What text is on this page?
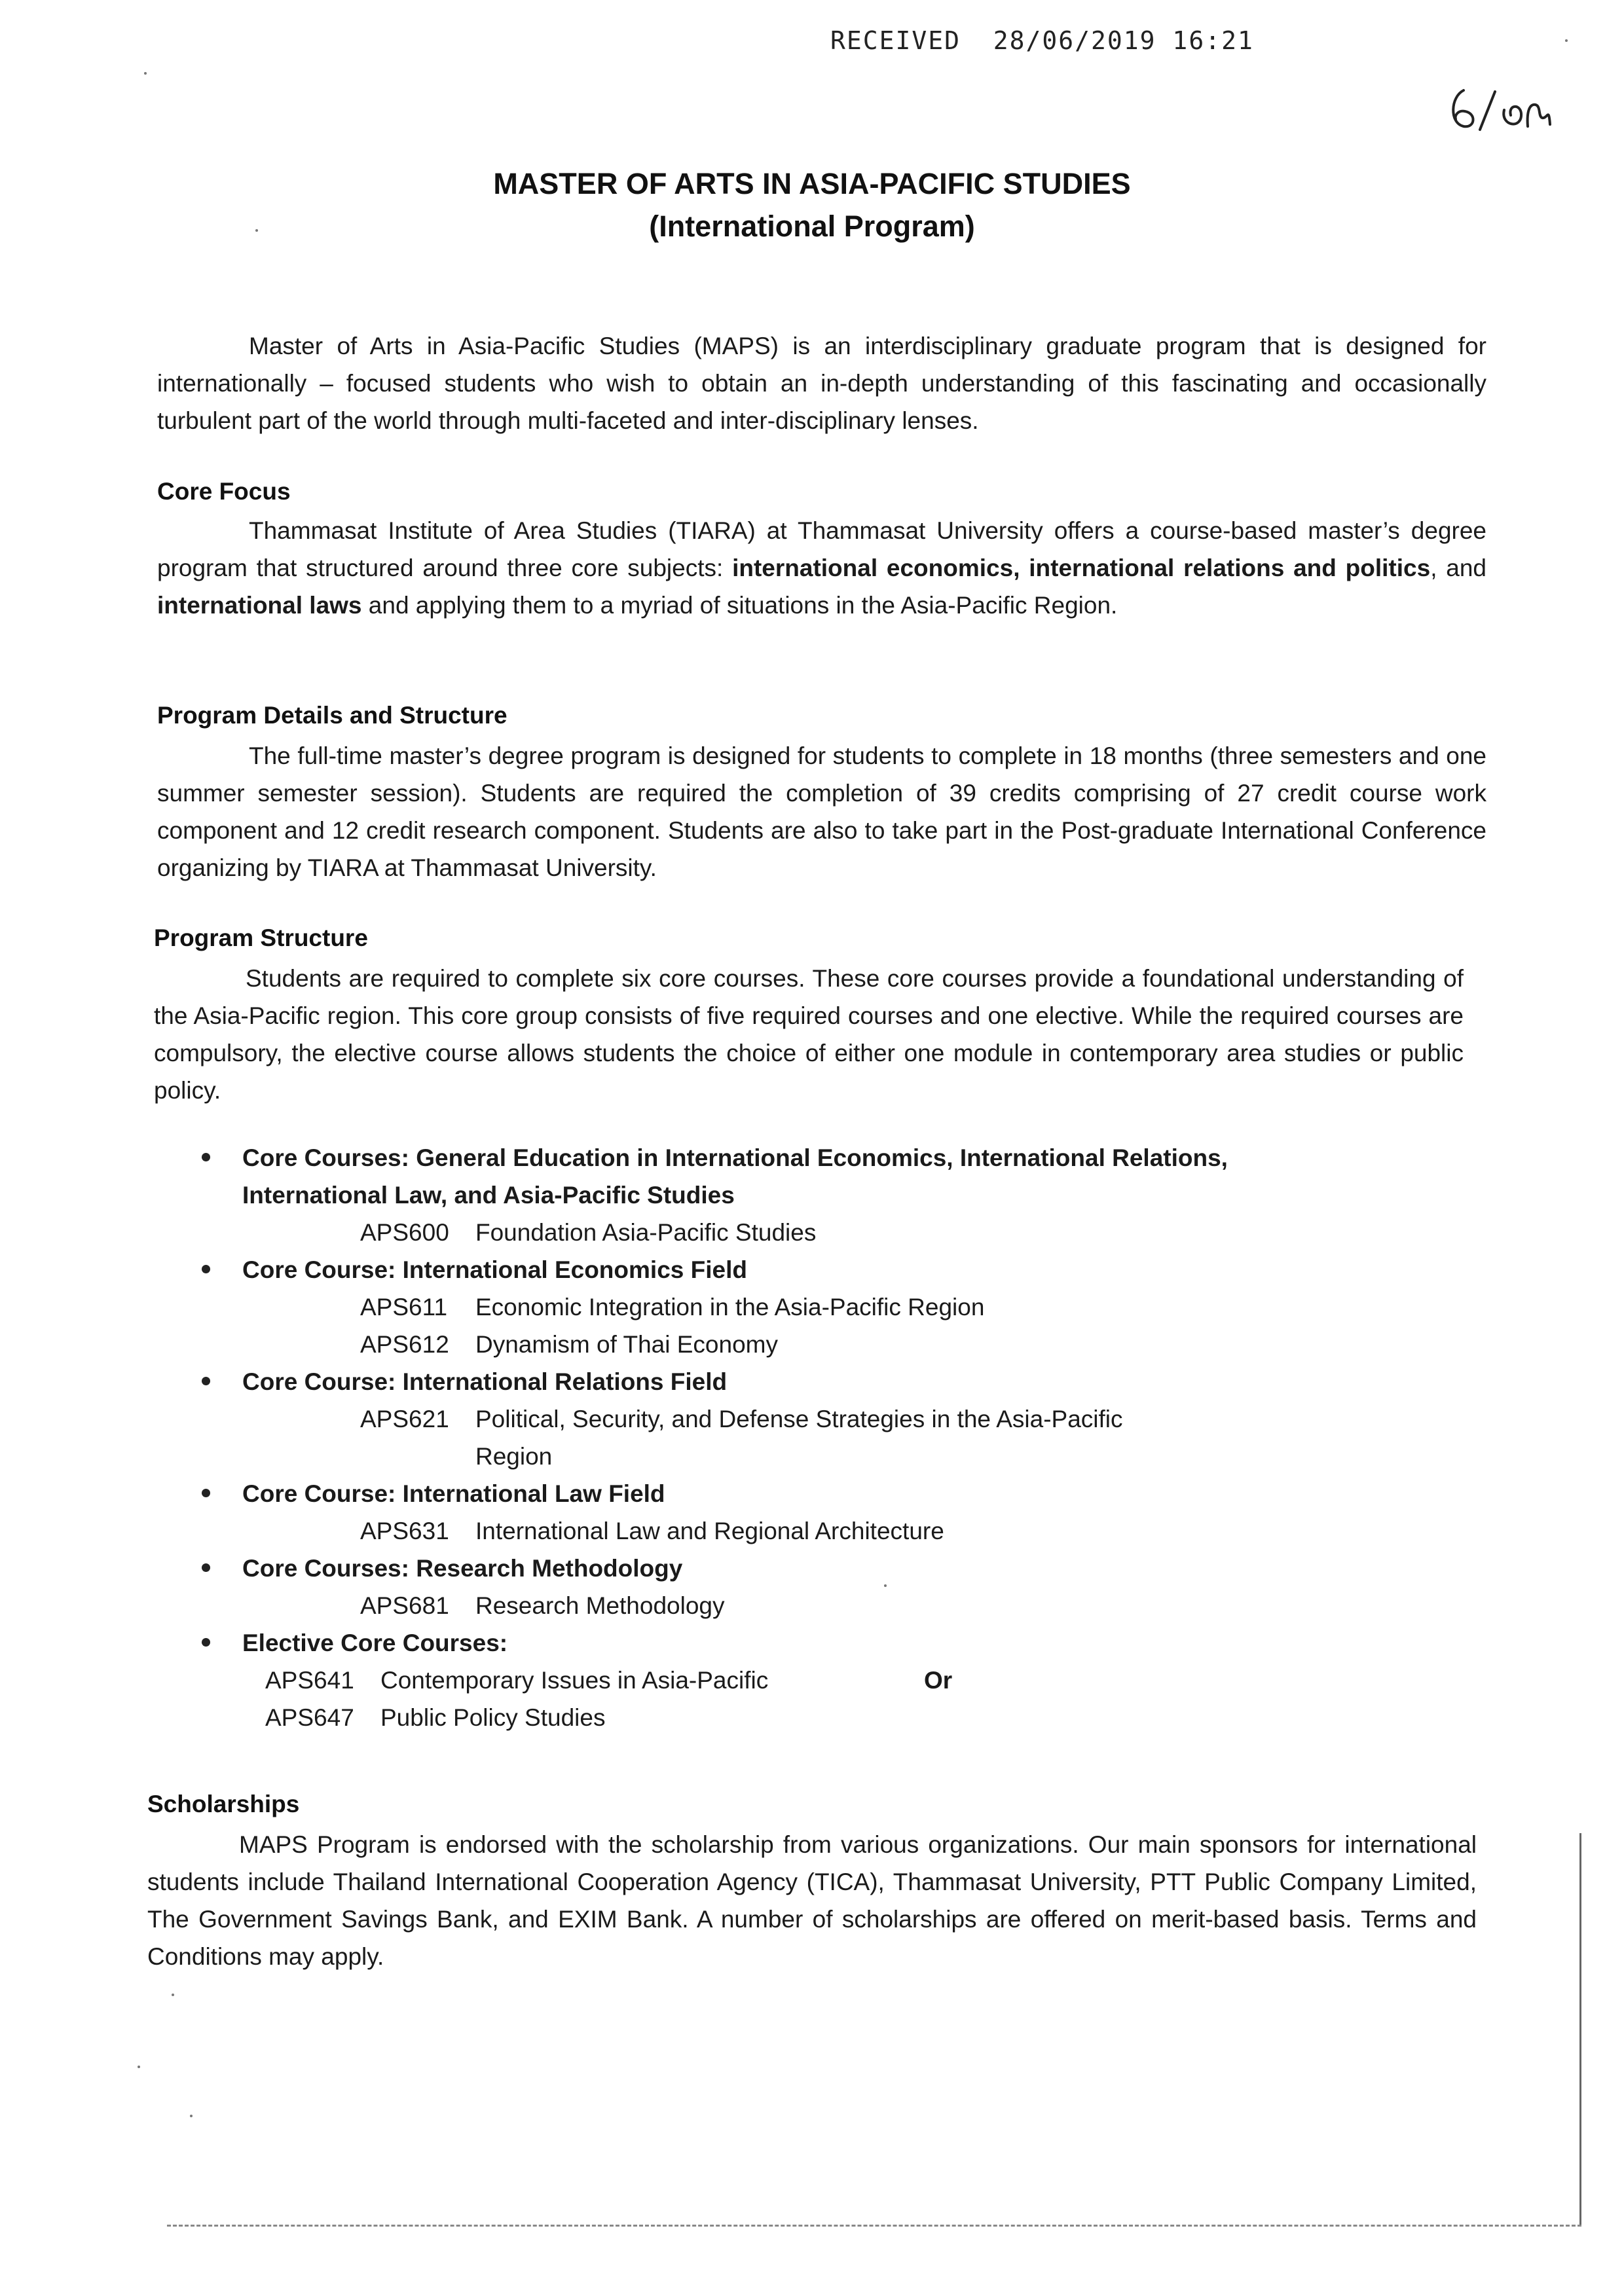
RECEIVED  28/06/2019 16:21
MASTER OF ARTS IN ASIA-PACIFIC STUDIES
(International Program)

Master of Arts in Asia-Pacific Studies (MAPS) is an interdisciplinary graduate program that is designed for internationally – focused students who wish to obtain an in-depth understanding of this fascinating and occasionally turbulent part of the world through multi-faceted and inter-disciplinary lenses.

Core Focus

Thammasat Institute of Area Studies (TIARA) at Thammasat University offers a course-based master’s degree program that structured around three core subjects: international economics, international relations and politics, and international laws and applying them to a myriad of situations in the Asia-Pacific Region.

Program Details and Structure

The full-time master’s degree program is designed for students to complete in 18 months (three semesters and one summer semester session). Students are required the completion of 39 credits comprising of 27 credit course work component and 12 credit research component. Students are also to take part in the Post-graduate International Conference organizing by TIARA at Thammasat University.

Program Structure

Students are required to complete six core courses. These core courses provide a foundational understanding of the Asia-Pacific region. This core group consists of five required courses and one elective. While the required courses are compulsory, the elective course allows students the choice of either one module in contemporary area studies or public policy.

Core Courses: General Education in International Economics, International Relations, International Law, and Asia-Pacific Studies
APS600 Foundation Asia-Pacific Studies
Core Course: International Economics Field
APS611 Economic Integration in the Asia-Pacific Region
APS612 Dynamism of Thai Economy
Core Course: International Relations Field
APS621 Political, Security, and Defense Strategies in the Asia-Pacific Region
Core Course: International Law Field
APS631 International Law and Regional Architecture
Core Courses: Research Methodology
APS681 Research Methodology
Elective Core Courses:
APS641 Contemporary Issues in Asia-Pacific	Or
APS647 Public Policy Studies
Scholarships

MAPS Program is endorsed with the scholarship from various organizations. Our main sponsors for international students include Thailand International Cooperation Agency (TICA), Thammasat University, PTT Public Company Limited, The Government Savings Bank, and EXIM Bank. A number of scholarships are offered on merit-based basis. Terms and Conditions may apply.
